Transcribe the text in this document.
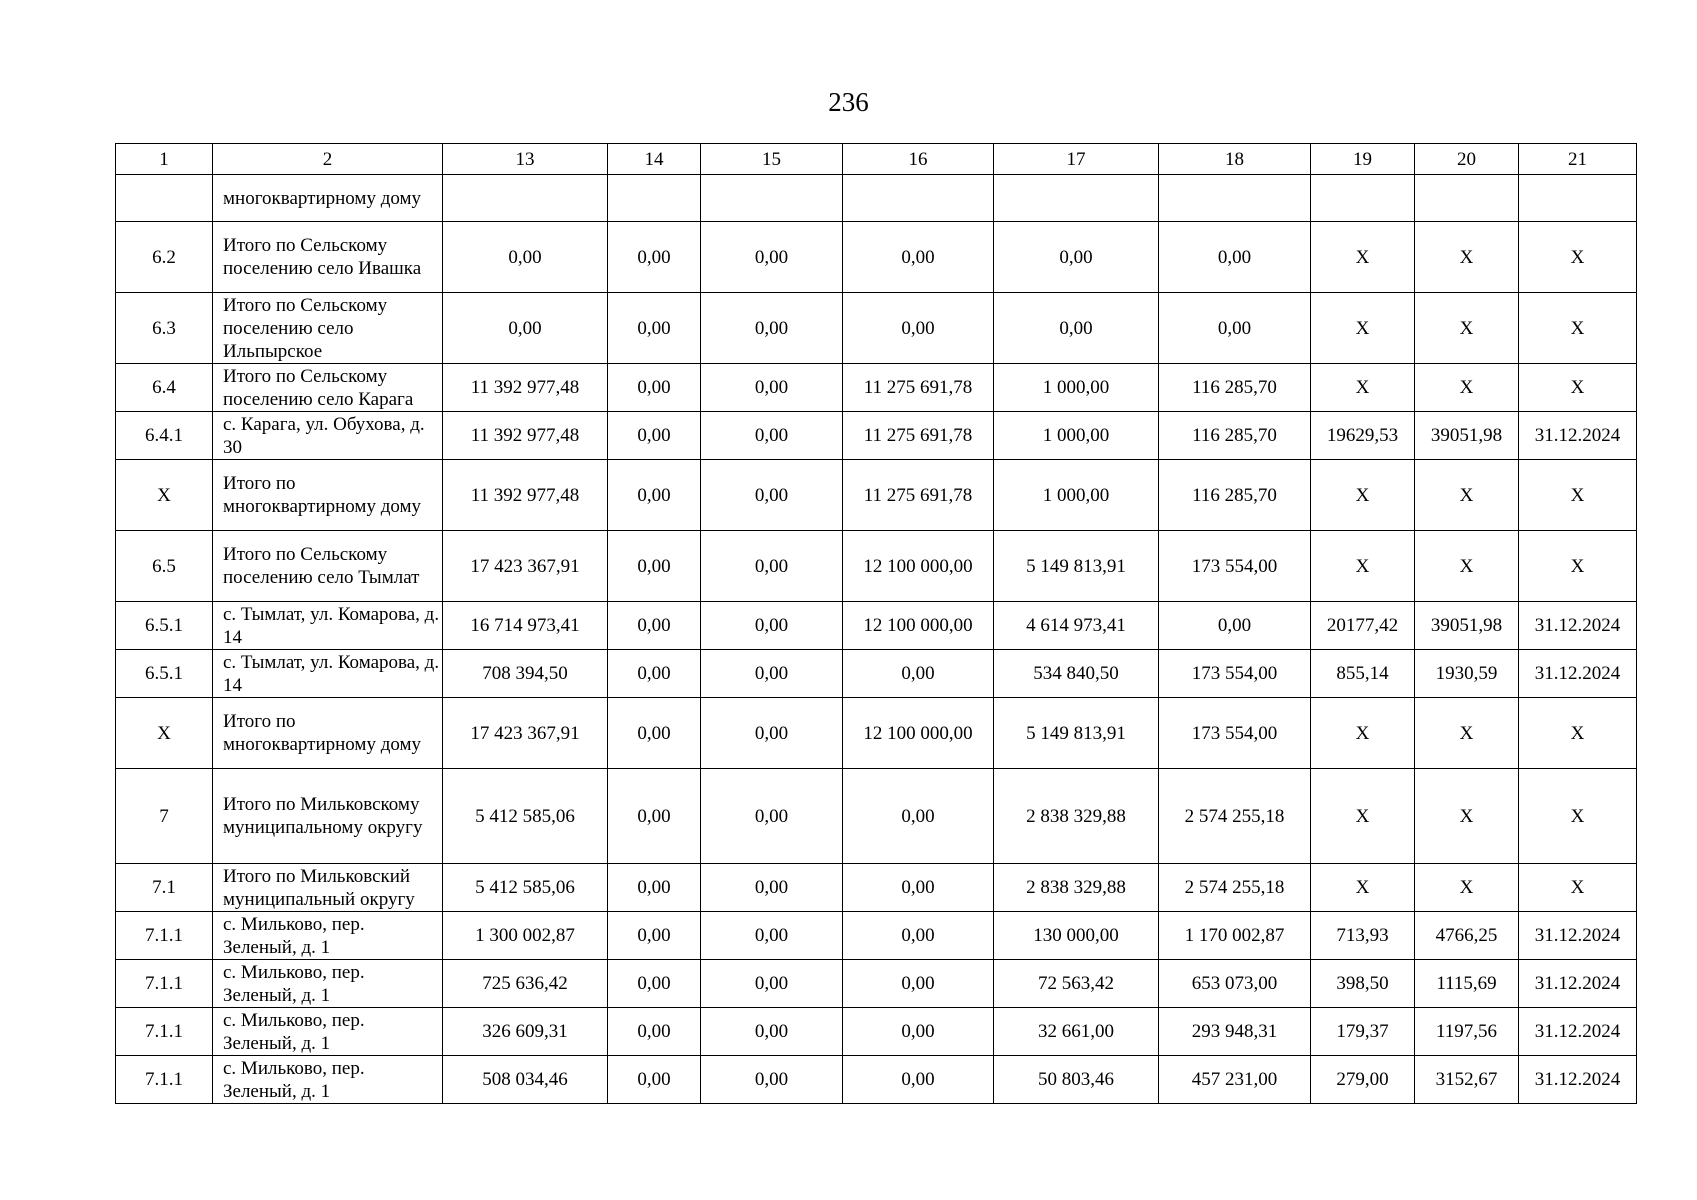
236
1	2	13	14	15	16	17	18	19	20	21
	многоквартирному дому									
6.2	Итого по Сельскому поселению село Ивашка	0,00	0,00	0,00	0,00	0,00	0,00	X	X	X
6.3	Итого по Сельскому поселению село Ильпырское	0,00	0,00	0,00	0,00	0,00	0,00	X	X	X
6.4	Итого по Сельскому поселению село Карага	11 392 977,48	0,00	0,00	11 275 691,78	1 000,00	116 285,70	X	X	X
6.4.1	с. Карага, ул. Обухова, д. 30	11 392 977,48	0,00	0,00	11 275 691,78	1 000,00	116 285,70	19629,53	39051,98	31.12.2024
X	Итого по многоквартирному дому	11 392 977,48	0,00	0,00	11 275 691,78	1 000,00	116 285,70	X	X	X
6.5	Итого по Сельскому поселению село Тымлат	17 423 367,91	0,00	0,00	12 100 000,00	5 149 813,91	173 554,00	X	X	X
6.5.1	с. Тымлат, ул. Комарова, д. 14	16 714 973,41	0,00	0,00	12 100 000,00	4 614 973,41	0,00	20177,42	39051,98	31.12.2024
6.5.1	с. Тымлат, ул. Комарова, д. 14	708 394,50	0,00	0,00	0,00	534 840,50	173 554,00	855,14	1930,59	31.12.2024
X	Итого по многоквартирному дому	17 423 367,91	0,00	0,00	12 100 000,00	5 149 813,91	173 554,00	X	X	X
7	Итого по Мильковскому муниципальному округу	5 412 585,06	0,00	0,00	0,00	2 838 329,88	2 574 255,18	X	X	X
7.1	Итого по Мильковский муниципальный округу	5 412 585,06	0,00	0,00	0,00	2 838 329,88	2 574 255,18	X	X	X
7.1.1	с. Мильково, пер. Зеленый, д. 1	1 300 002,87	0,00	0,00	0,00	130 000,00	1 170 002,87	713,93	4766,25	31.12.2024
7.1.1	с. Мильково, пер. Зеленый, д. 1	725 636,42	0,00	0,00	0,00	72 563,42	653 073,00	398,50	1115,69	31.12.2024
7.1.1	с. Мильково, пер. Зеленый, д. 1	326 609,31	0,00	0,00	0,00	32 661,00	293 948,31	179,37	1197,56	31.12.2024
7.1.1	с. Мильково, пер. Зеленый, д. 1	508 034,46	0,00	0,00	0,00	50 803,46	457 231,00	279,00	3152,67	31.12.2024
